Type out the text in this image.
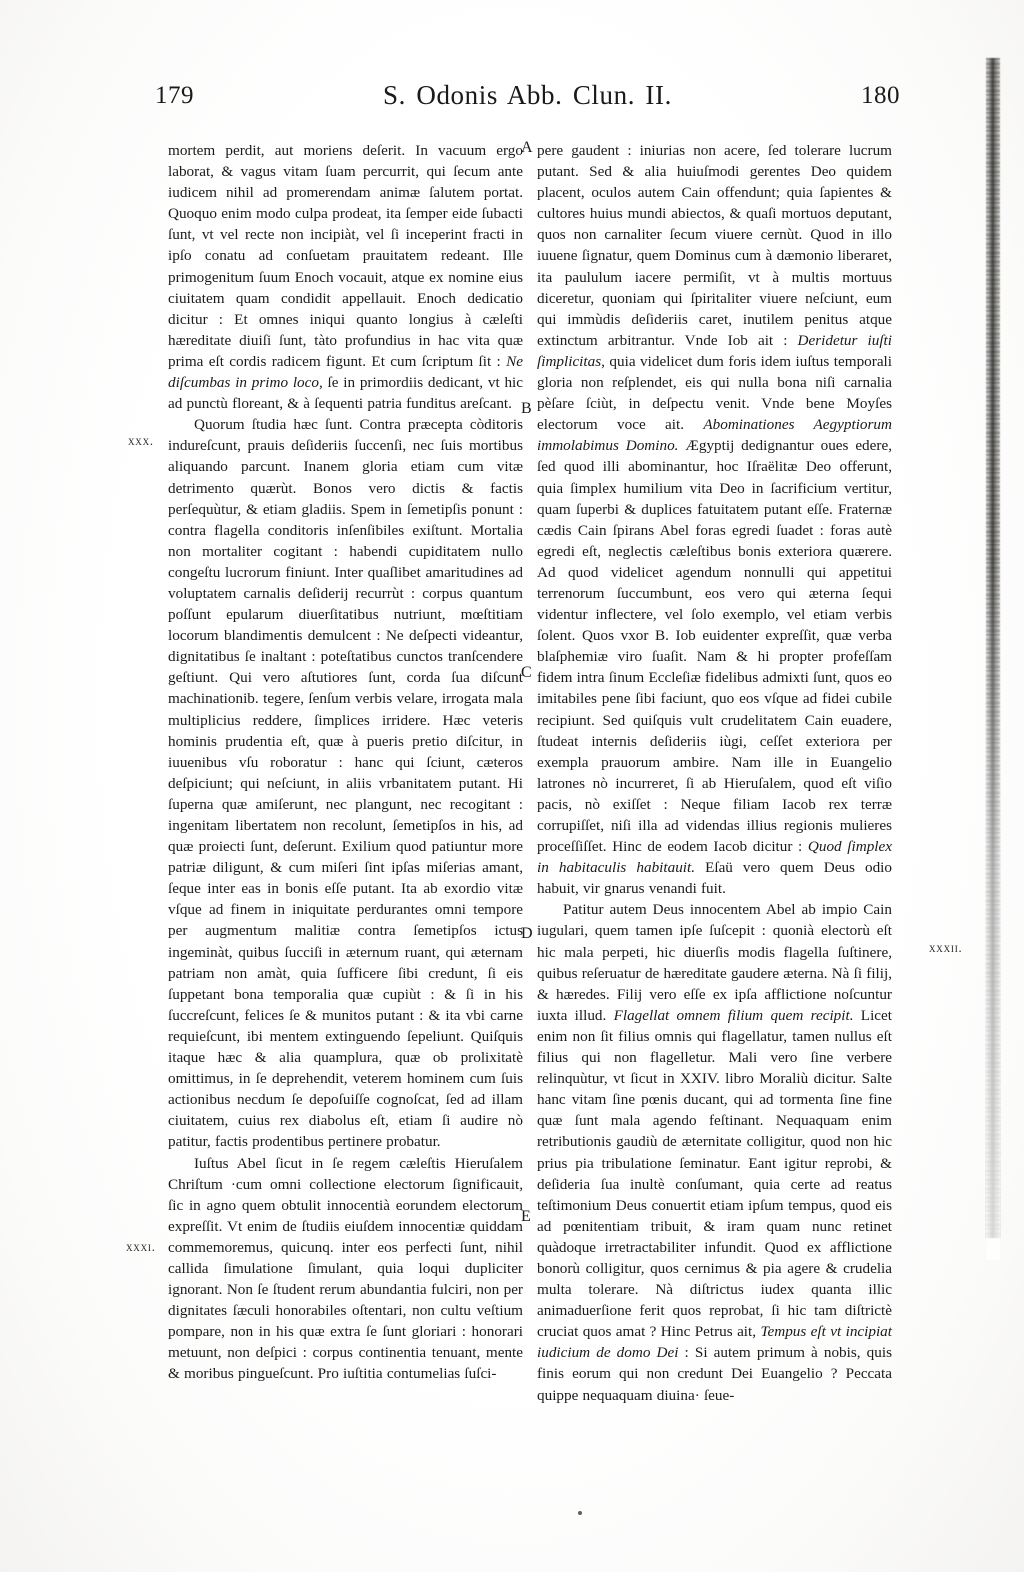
179	S. Odonis Abb. Clun. II.	180
xxx.
xxxi.
xxxii.
A
B
C
D
E

mortem perdit, aut moriens deſerit. In vacuum ergo laborat, & vagus vitam ſuam percurrit, qui ſecum ante iudicem nihil ad promerendam animæ ſalutem portat. Quoquo enim modo culpa prodeat, ita ſemper eide ſubacti ſunt, vt vel recte non incipiàt, vel ſi inceperint fracti in ipſo conatu ad conſuetam prauitatem redeant. Ille primogenitum ſuum Enoch vocauit, atque ex nomine eius ciuitatem quam condidit appellauit. Enoch dedicatio dicitur : Et omnes iniqui quanto longius à cæleſti hæreditate diuiſi ſunt, tàto profundius in hac vita quæ prima eſt cordis radicem figunt. Et cum ſcriptum ſit : Ne diſcumbas in primo loco, ſe in primordiis dedicant, vt hic ad punctù floreant, & à ſequenti patria funditus areſcant.

Quorum ſtudia hæc ſunt. Contra præcepta còditoris indureſcunt, prauis deſideriis ſuccenſi, nec ſuis mortibus aliquando parcunt. Inanem gloria etiam cum vitæ detrimento quærùt. Bonos vero dictis & factis perſequùtur, & etiam gladiis. Spem in ſemetipſis ponunt : contra flagella conditoris inſenſibiles exiſtunt. Mortalia non mortaliter cogitant : habendi cupiditatem nullo congeſtu lucrorum finiunt. Inter quaſlibet amaritudines ad voluptatem carnalis deſiderij recurrùt : corpus quantum poſſunt epularum diuerſitatibus nutriunt, mœſtitiam locorum blandimentis demulcent : Ne deſpecti videantur, dignitatibus ſe inaltant : poteſtatibus cunctos tranſcendere geſtiunt. Qui vero aſtutiores ſunt, corda ſua diſcunt machinationib. tegere, ſenſum verbis velare, irrogata mala multiplicius reddere, ſimplices irridere. Hæc veteris hominis prudentia eſt, quæ à pueris pretio diſcitur, in iuuenibus vſu roboratur : hanc qui ſciunt, cæteros deſpiciunt; qui neſciunt, in aliis vrbanitatem putant. Hi ſuperna quæ amiſerunt, nec plangunt, nec recogitant : ingenitam libertatem non recolunt, ſemetipſos in his, ad quæ proiecti ſunt, deſerunt. Exilium quod patiuntur more patriæ diligunt, & cum miſeri ſint ipſas miſerias amant, ſeque inter eas in bonis eſſe putant. Ita ab exordio vitæ vſque ad finem in iniquitate perdurantes omni tempore per augmentum malitiæ contra ſemetipſos ictus ingeminàt, quibus ſucciſi in æternum ruant, qui æternam patriam non amàt, quia ſufficere ſibi credunt, ſi eis ſuppetant bona temporalia quæ cupiùt : & ſi in his ſuccreſcunt, felices ſe & munitos putant : & ita vbi carne requieſcunt, ibi mentem extinguendo ſepeliunt. Quiſquis itaque hæc & alia quamplura, quæ ob prolixitatè omittimus, in ſe deprehendit, veterem hominem cum ſuis actionibus necdum ſe depoſuiſſe cognoſcat, ſed ad illam ciuitatem, cuius rex diabolus eſt, etiam ſi audire nò patitur, factis prodentibus pertinere probatur.

Iuſtus Abel ſicut in ſe regem cæleſtis Hieruſalem Chriſtum ·cum omni collectione electorum ſignificauit, ſic in agno quem obtulit innocentià eorundem electorum expreſſit. Vt enim de ſtudiis eiuſdem innocentiæ quiddam commemoremus, quicunq. inter eos perfecti ſunt, nihil callida ſimulatione ſimulant, quia loqui dupliciter ignorant. Non ſe ſtudent rerum abundantia fulciri, non per dignitates ſæculi honorabiles oſtentari, non cultu veſtium pompare, non in his quæ extra ſe ſunt gloriari : honorari metuunt, non deſpici : corpus continentia tenuant, mente & moribus pingueſcunt. Pro iuſtitia contumelias ſuſci-

pere gaudent : iniurias non acere, ſed tolerare lucrum putant. Sed & alia huiuſmodi gerentes Deo quidem placent, oculos autem Cain offendunt; quia ſapientes & cultores huius mundi abiectos, & quaſi mortuos deputant, quos non carnaliter ſecum viuere cernùt. Quod in illo iuuene ſignatur, quem Dominus cum à dæmonio liberaret, ita paululum iacere permiſit, vt à multis mortuus diceretur, quoniam qui ſpiritaliter viuere neſciunt, eum qui immùdis deſideriis caret, inutilem penitus atque extinctum arbitrantur. Vnde Iob ait : Deridetur iuſti ſimplicitas, quia videlicet dum foris idem iuſtus temporali gloria non reſplendet, eis qui nulla bona niſi carnalia pèſare ſciùt, in deſpectu venit. Vnde bene Moyſes electorum voce ait. Abominationes Aegyptiorum immolabimus Domino. Ægyptij dedignantur oues edere, ſed quod illi abominantur, hoc Iſraëlitæ Deo offerunt, quia ſimplex humilium vita Deo in ſacrificium vertitur, quam ſuperbi & duplices fatuitatem putant eſſe. Fraternæ cædis Cain ſpirans Abel foras egredi ſuadet : foras autè egredi eſt, neglectis cæleſtibus bonis exteriora quærere. Ad quod videlicet agendum nonnulli qui appetitui terrenorum ſuccumbunt, eos vero qui æterna ſequi videntur inflectere, vel ſolo exemplo, vel etiam verbis ſolent. Quos vxor B. Iob euidenter expreſſit, quæ verba blaſphemiæ viro ſuaſit. Nam & hi propter profeſſam fidem intra ſinum Eccleſiæ fidelibus admixti ſunt, quos eo imitabiles pene ſibi faciunt, quo eos vſque ad fidei cubile recipiunt. Sed quiſquis vult crudelitatem Cain euadere, ſtudeat internis deſideriis iùgi, ceſſet exteriora per exempla prauorum ambire. Nam ille in Euangelio latrones nò incurreret, ſi ab Hieruſalem, quod eſt viſio pacis, nò exiſſet : Neque filiam Iacob rex terræ corrupiſſet, niſi illa ad videndas illius regionis mulieres proceſſiſſet. Hinc de eodem Iacob dicitur : Quod ſimplex in habitaculis habitauit. Eſaü vero quem Deus odio habuit, vir gnarus venandi fuit.

Patitur autem Deus innocentem Abel ab impio Cain iugulari, quem tamen ipſe ſuſcepit : quonià electorù eſt hic mala perpeti, hic diuerſis modis flagella ſuſtinere, quibus reſeruatur de hæreditate gaudere æterna. Nà ſi filij, & hæredes. Filij vero eſſe ex ipſa afflictione noſcuntur iuxta illud. Flagellat omnem filium quem recipit. Licet enim non ſit filius omnis qui flagellatur, tamen nullus eſt filius qui non flagelletur. Mali vero ſine verbere relinquùtur, vt ſicut in XXIV. libro Moraliù dicitur. Salte hanc vitam ſine pœnis ducant, qui ad tormenta ſine fine quæ ſunt mala agendo feſtinant. Nequaquam enim retributionis gaudiù de æternitate colligitur, quod non hic prius pia tribulatione ſeminatur. Eant igitur reprobi, & deſideria ſua inultè conſumant, quia certe ad reatus teſtimonium Deus conuertit etiam ipſum tempus, quod eis ad pœnitentiam tribuit, & iram quam nunc retinet quàdoque irretractabiliter infundit. Quod ex afflictione bonorù colligitur, quos cernimus & pia agere & crudelia multa tolerare. Nà diſtrictus iudex quanta illic animaduerſione ferit quos reprobat, ſi hic tam diſtrictè cruciat quos amat ? Hinc Petrus ait, Tempus eſt vt incipiat iudicium de domo Dei : Si autem primum à nobis, quis finis eorum qui non credunt Dei Euangelio ? Peccata quippe nequaquam diuina· ſeue-
